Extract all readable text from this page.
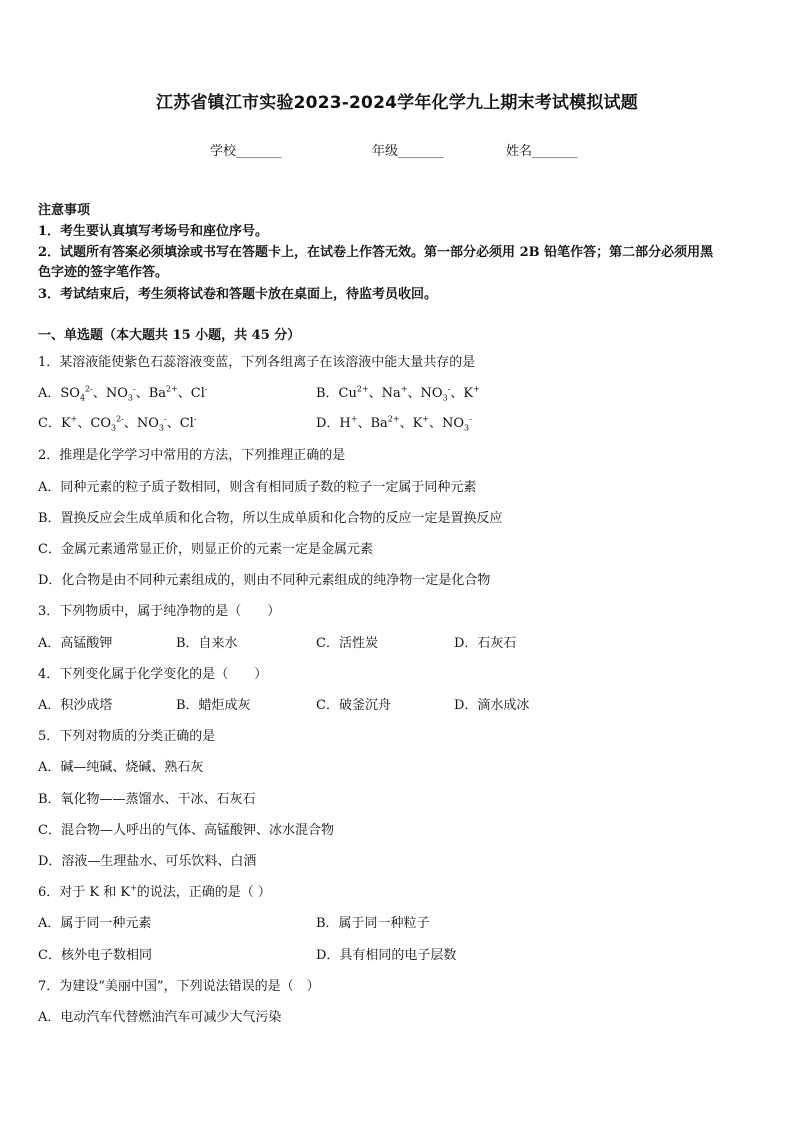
江苏省镇江市实验2023-2024学年化学九上期末考试模拟试题
学校_______	年级_______	姓名_______
注意事项
1．考生要认真填写考场号和座位序号。
2．试题所有答案必须填涂或书写在答题卡上，在试卷上作答无效。第一部分必须用 2B 铅笔作答；第二部分必须用黑
色字迹的签字笔作答。
3．考试结束后，考生须将试卷和答题卡放在桌面上，待监考员收回。
一、单选题（本大题共 15 小题，共 45 分）
1．某溶液能使紫色石蕊溶液变蓝，下列各组离子在该溶液中能大量共存的是
A．$SO_4^{2-}$、$NO_3^-$、$Ba^{2+}$、Cl-	B．$Cu^{2+}$、Na+、$NO_3^-$、K+
C．K+、$CO_3^{2-}$、$NO_3^-$、Cl-	D．H+、$Ba^{2+}$、K+、$NO_3^-$
2．推理是化学学习中常用的方法，下列推理正确的是
A．同种元素的粒子质子数相同，则含有相同质子数的粒子一定属于同种元素
B．置换反应会生成单质和化合物，所以生成单质和化合物的反应一定是置换反应
C．金属元素通常显正价，则显正价的元素一定是金属元素
D．化合物是由不同种元素组成的，则由不同种元素组成的纯净物一定是化合物
3．下列物质中，属于纯净物的是（　　）
A．高锰酸钾	B．自来水	C．活性炭	D．石灰石
4．下列变化属于化学变化的是（　　）
A．积沙成塔	B．蜡炬成灰	C．破釜沉舟	D．滴水成冰
5．下列对物质的分类正确的是
A．碱—纯碱、烧碱、熟石灰
B．氧化物——蒸馏水、干冰、石灰石
C．混合物—人呼出的气体、高锰酸钾、冰水混合物
D．溶液—生理盐水、可乐饮料、白酒
6．对于 K 和 K+的说法，正确的是（ ）
A．属于同一种元素	B．属于同一种粒子
C．核外电子数相同	D．具有相同的电子层数
7．为建设“美丽中国”，下列说法错误的是（　）
A．电动汽车代替燃油汽车可减少大气污染
